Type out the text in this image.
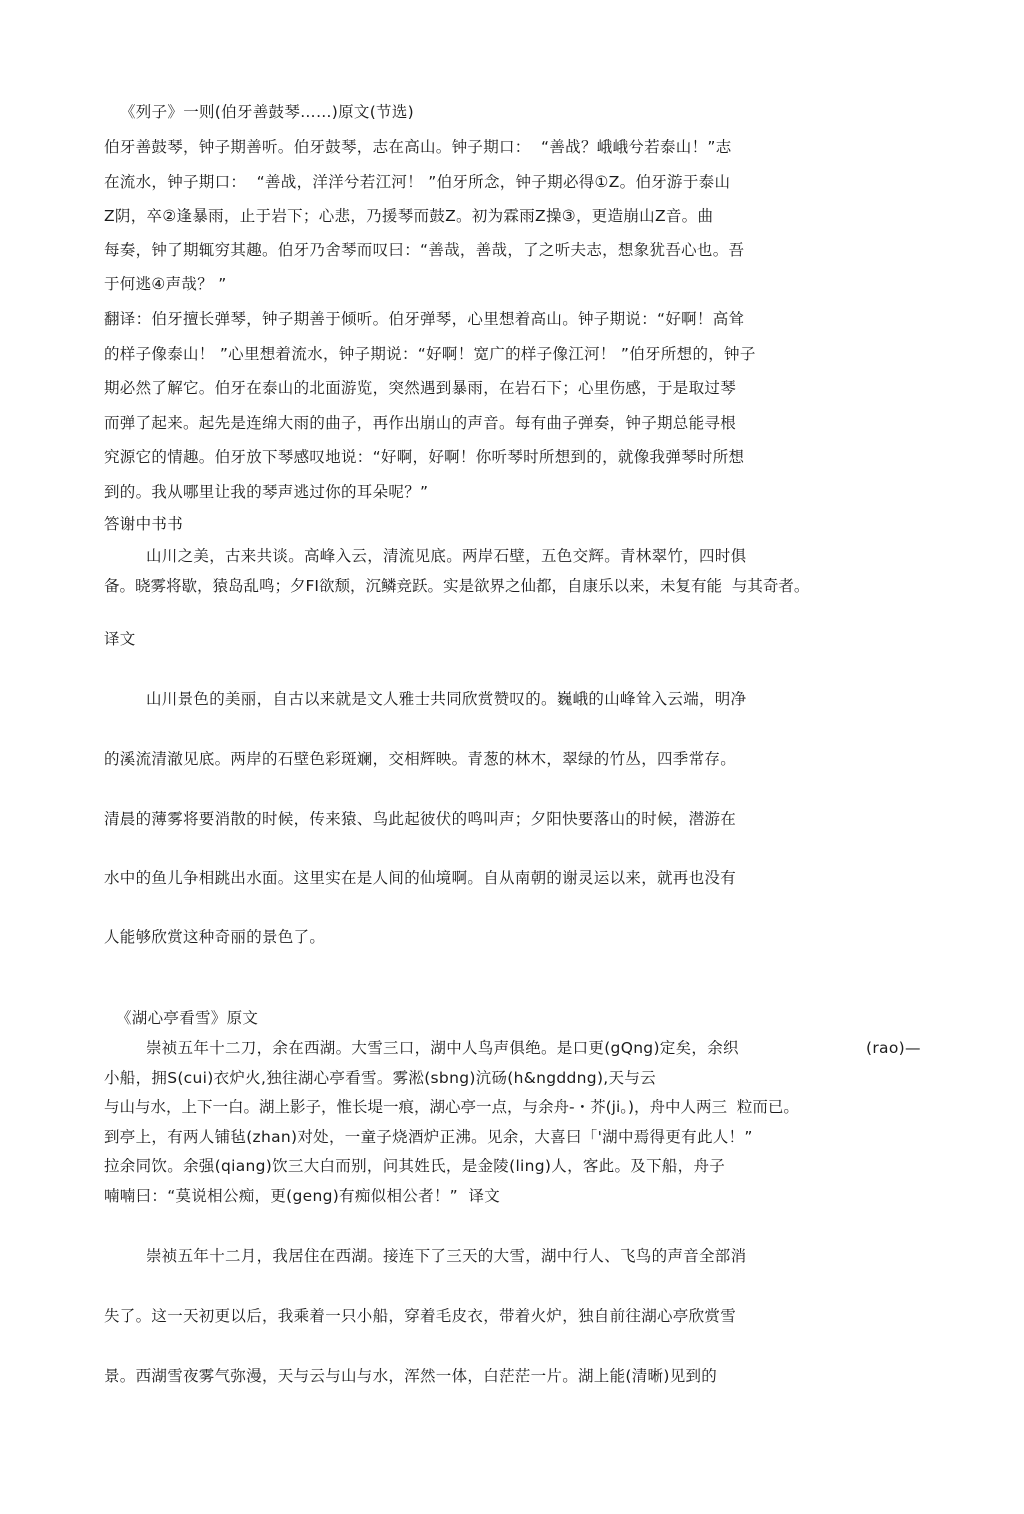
《列子》一则(伯牙善鼓琴……)原文(节选)
伯牙善鼓琴，钟子期善听。伯牙鼓琴，志在高山。钟子期口：  “善战？峨峨兮若泰山！”志
在流水，钟子期口：  “善战，洋洋兮若江河！ ”伯牙所念，钟子期必得①Z。伯牙游于泰山
Z阴，卒②逢暴雨，止于岩下；心悲，乃援琴而鼓Z。初为霖雨Z操③，更造崩山Z音。曲
每奏，钟了期辄穷其趣。伯牙乃舍琴而叹曰：“善哉，善哉，了之听夫志，想象犹吾心也。吾
于何逃④声哉？ ”
翻译：伯牙擅长弹琴，钟子期善于倾听。伯牙弹琴，心里想着高山。钟子期说：“好啊！高耸
的样子像泰山！ ”心里想着流水，钟子期说：“好啊！宽广的样子像江河！ ”伯牙所想的，钟子
期必然了解它。伯牙在泰山的北面游览，突然遇到暴雨，在岩石下；心里伤感，于是取过琴
而弹了起来。起先是连绵大雨的曲子，再作出崩山的声音。每有曲子弹奏，钟子期总能寻根
究源它的情趣。伯牙放下琴感叹地说：“好啊，好啊！你听琴时所想到的，就像我弹琴时所想
到的。我从哪里让我的琴声逃过你的耳朵呢？”
答谢中书书
山川之美，古来共谈。高峰入云，清流见底。两岸石壁，五色交辉。青林翠竹，四时俱
备。晓雾将歇，猿岛乱鸣；夕FI欲颓，沉鳞竞跃。实是欲界之仙都，自康乐以来，未复有能  与其奇者。
译文
山川景色的美丽，自古以来就是文人雅士共同欣赏赞叹的。巍峨的山峰耸入云端，明净
的溪流清澈见底。两岸的石壁色彩斑斓，交相辉映。青葱的林木，翠绿的竹丛，四季常存。
清晨的薄雾将要消散的时候，传来猿、鸟此起彼伏的鸣叫声；夕阳快要落山的时候，潜游在
水中的鱼儿争相跳出水面。这里实在是人间的仙境啊。自从南朝的谢灵运以来，就再也没有
人能够欣赏这种奇丽的景色了。
《湖心亭看雪》原文
崇祯五年十二刀，余在西湖。大雪三口，湖中人鸟声俱绝。是口更(gQng)定矣，余织	(rao)—
小船，拥S(cui)衣炉火,独往湖心亭看雪。雾淞(sbng)沆砀(h&ngddng),天与云
与山与水，上下一白。湖上影子，惟长堤一痕，湖心亭一点，与余舟-・芥(ji。)，舟中人两三  粒而已。
到亭上，有两人铺毡(zhan)对处，一童子烧酒炉正沸。见余，大喜曰「'湖中焉得更有此人！”
拉余同饮。余强(qiang)饮三大白而别，问其姓氏，是金陵(ling)人，客此。及下船，舟子
喃喃曰：“莫说相公痴，更(geng)有痴似相公者！”  译文
崇祯五年十二月，我居住在西湖。接连下了三天的大雪，湖中行人、飞鸟的声音全部消
失了。这一天初更以后，我乘着一只小船，穿着毛皮衣，带着火炉，独自前往湖心亭欣赏雪
景。西湖雪夜雾气弥漫，天与云与山与水，浑然一体，白茫茫一片。湖上能(清晰)见到的
